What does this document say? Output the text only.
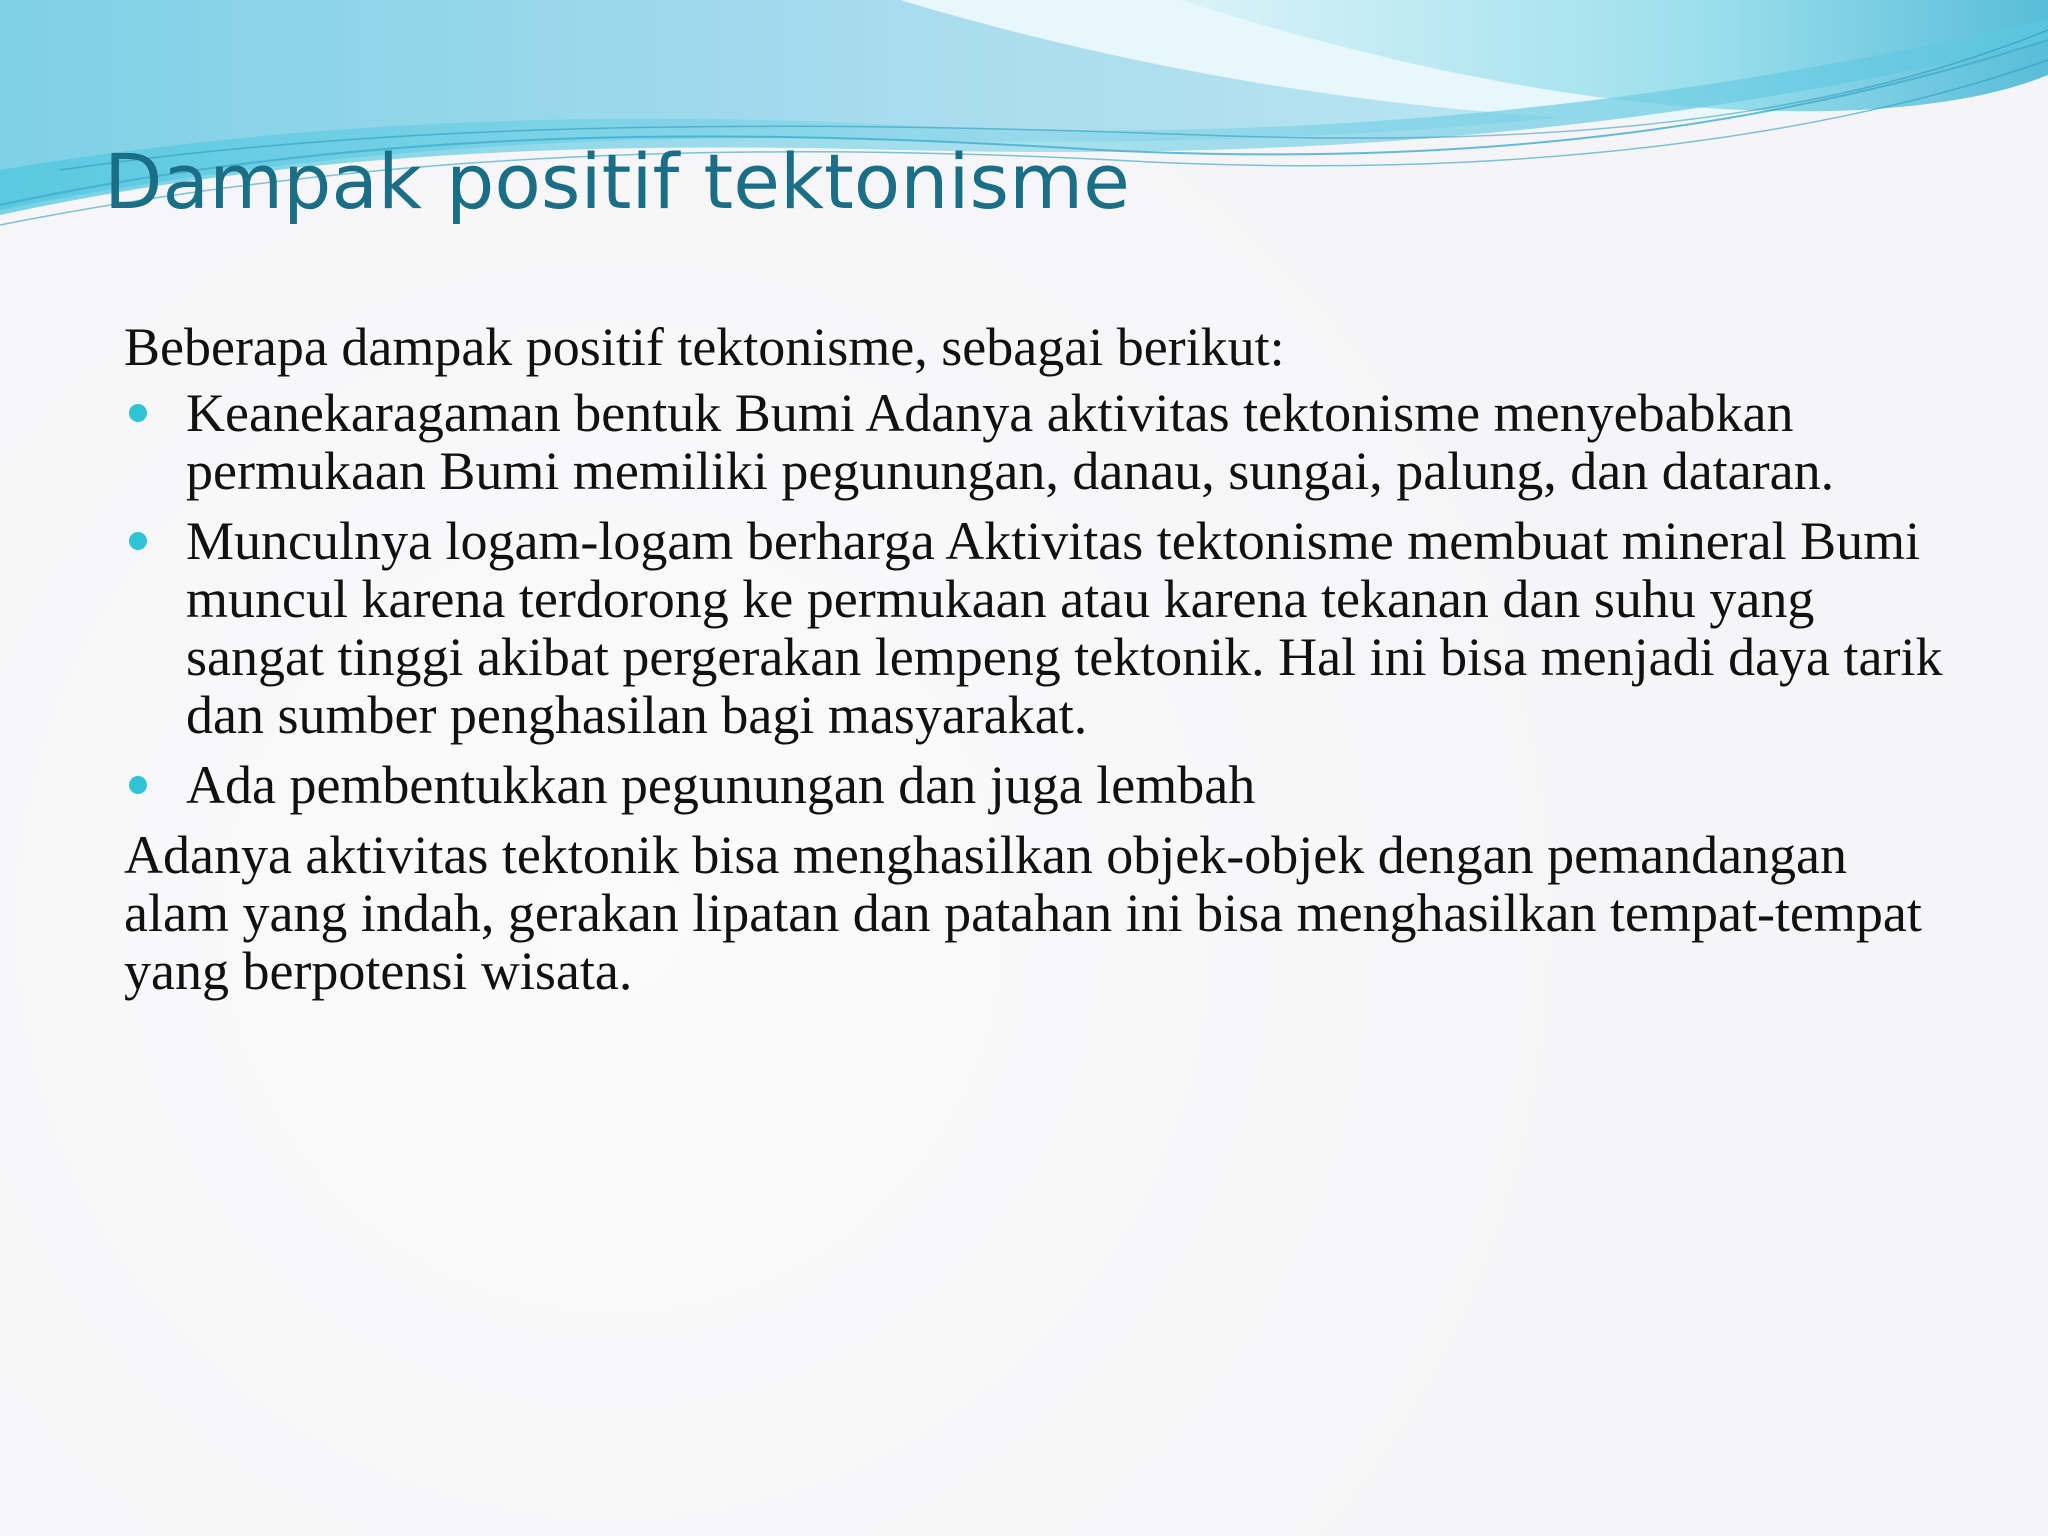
Dampak positif tektonisme

Beberapa dampak positif tektonisme, sebagai berikut:

Keanekaragaman bentuk Bumi Adanya aktivitas tektonisme menyebabkan permukaan Bumi memiliki pegunungan, danau, sungai, palung, dan dataran.
Munculnya logam-logam berharga Aktivitas tektonisme membuat mineral Bumi muncul karena terdorong ke permukaan atau karena tekanan dan suhu yang sangat tinggi akibat pergerakan lempeng tektonik. Hal ini bisa menjadi daya tarik dan sumber penghasilan bagi masyarakat.
Ada pembentukkan pegunungan dan juga lembah

Adanya aktivitas tektonik bisa menghasilkan objek-objek dengan pemandangan alam yang indah, gerakan lipatan dan patahan ini bisa menghasilkan tempat-tempat yang berpotensi wisata.
